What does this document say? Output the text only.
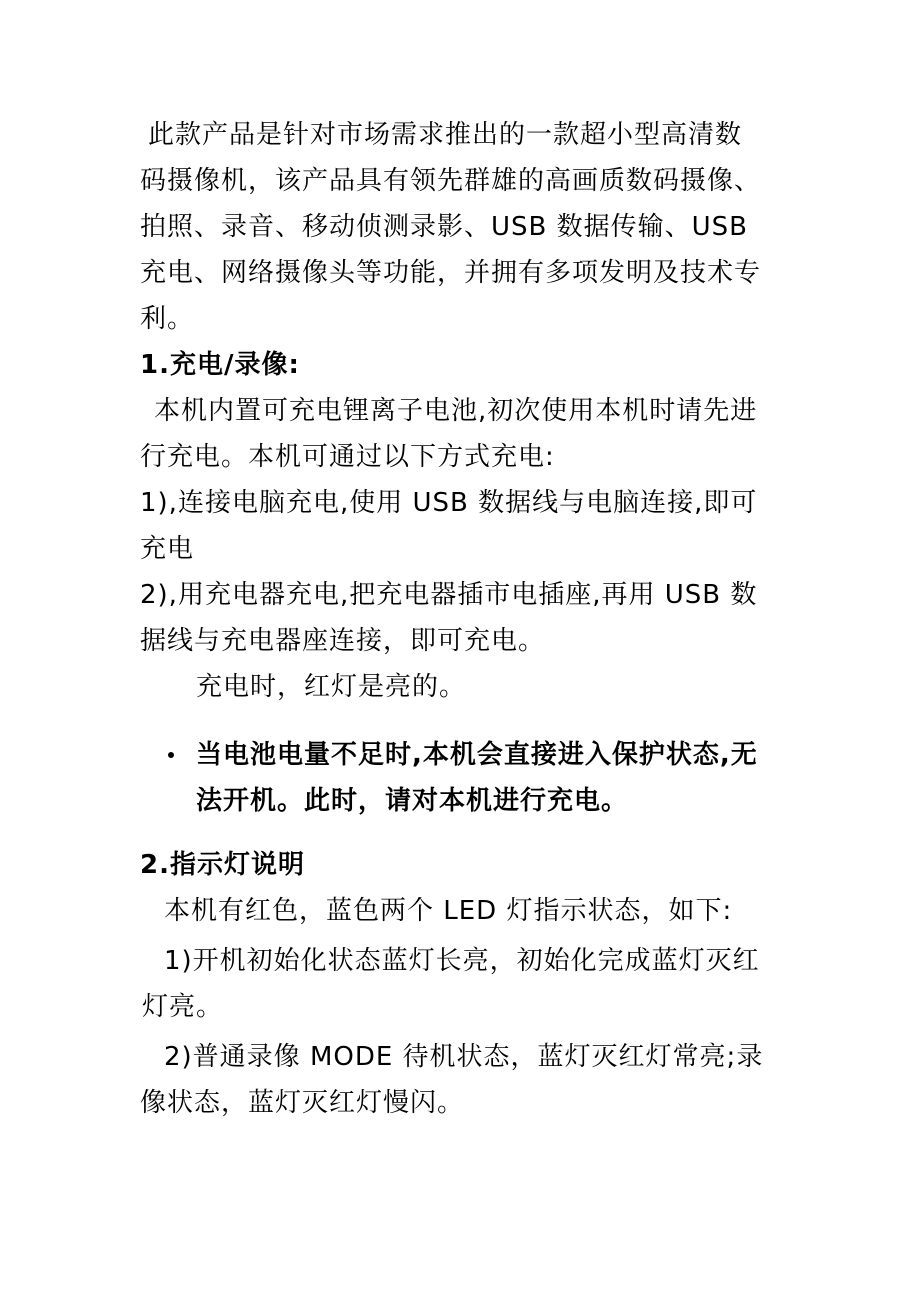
此款产品是针对市场需求推出的一款超小型高清数
码摄像机，该产品具有领先群雄的高画质数码摄像、
拍照、录音、移动侦测录影、USB 数据传输、USB
充电、网络摄像头等功能，并拥有多项发明及技术专
利。
1.充电/录像:
本机内置可充电锂离子电池,初次使用本机时请先进
行充电。本机可通过以下方式充电:
1),连接电脑充电,使用 USB 数据线与电脑连接,即可
充电
2),用充电器充电,把充电器插市电插座,再用 USB 数
据线与充电器座连接，即可充电。
充电时，红灯是亮的。
当电池电量不足时,本机会直接进入保护状态,无
法开机。此时，请对本机进行充电。
2.指示灯说明
本机有红色，蓝色两个 LED 灯指示状态，如下:
1)开机初始化状态蓝灯长亮，初始化完成蓝灯灭红
灯亮。
2)普通录像 MODE 待机状态，蓝灯灭红灯常亮;录
像状态，蓝灯灭红灯慢闪。
